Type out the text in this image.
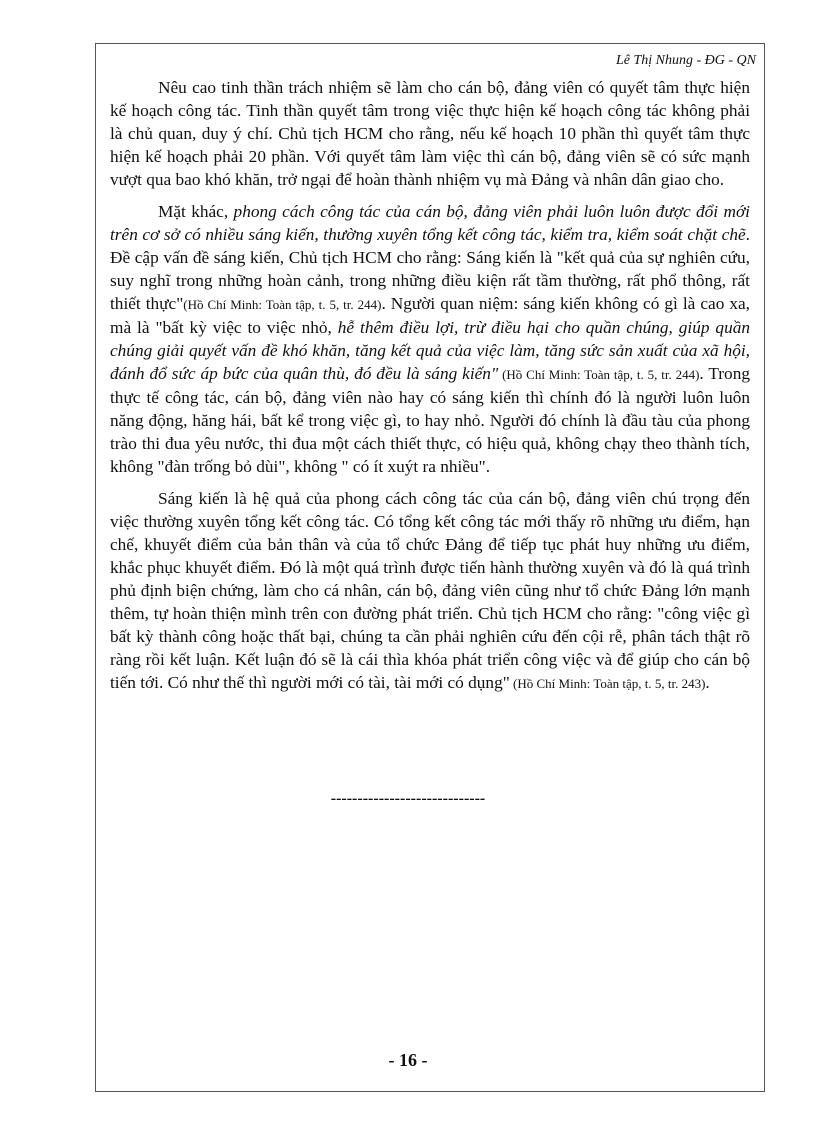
Lê Thị Nhung - ĐG - QN

Nêu cao tinh thần trách nhiệm sẽ làm cho cán bộ, đảng viên có quyết tâm thực hiện kế hoạch công tác. Tinh thần quyết tâm trong việc thực hiện kế hoạch công tác không phải là chủ quan, duy ý chí. Chủ tịch HCM cho rằng, nếu kế hoạch 10 phần thì quyết tâm thực hiện kế hoạch phải 20 phần. Với quyết tâm làm việc thì cán bộ, đảng viên sẽ có sức mạnh vượt qua bao khó khăn, trở ngại để hoàn thành nhiệm vụ mà Đảng và nhân dân giao cho.

Mặt khác, phong cách công tác của cán bộ, đảng viên phải luôn luôn được đổi mới trên cơ sở có nhiều sáng kiến, thường xuyên tổng kết công tác, kiểm tra, kiểm soát chặt chẽ. Đề cập vấn đề sáng kiến, Chủ tịch HCM cho rằng: Sáng kiến là "kết quả của sự nghiên cứu, suy nghĩ trong những hoàn cảnh, trong những điều kiện rất tầm thường, rất phổ thông, rất thiết thực"(Hồ Chí Minh: Toàn tập, t. 5, tr. 244). Người quan niệm: sáng kiến không có gì là cao xa, mà là "bất kỳ việc to việc nhỏ, hễ thêm điều lợi, trừ điều hại cho quần chúng, giúp quần chúng giải quyết vấn đề khó khăn, tăng kết quả của việc làm, tăng sức sản xuất của xã hội, đánh đổ sức áp bức của quân thù, đó đều là sáng kiến" (Hồ Chí Minh: Toàn tập, t. 5, tr. 244). Trong thực tế công tác, cán bộ, đảng viên nào hay có sáng kiến thì chính đó là người luôn luôn năng động, hăng hái, bất kể trong việc gì, to hay nhỏ. Người đó chính là đầu tàu của phong trào thi đua yêu nước, thi đua một cách thiết thực, có hiệu quả, không chạy theo thành tích, không "đàn trống bỏ dùi", không " có ít xuýt ra nhiều".

Sáng kiến là hệ quả của phong cách công tác của cán bộ, đảng viên chú trọng đến việc thường xuyên tổng kết công tác. Có tổng kết công tác mới thấy rõ những ưu điểm, hạn chế, khuyết điểm của bản thân và của tổ chức Đảng để tiếp tục phát huy những ưu điểm, khắc phục khuyết điểm. Đó là một quá trình được tiến hành thường xuyên và đó là quá trình phủ định biện chứng, làm cho cá nhân, cán bộ, đảng viên cũng như tổ chức Đảng lớn mạnh thêm, tự hoàn thiện mình trên con đường phát triển. Chủ tịch HCM cho rằng: "công việc gì bất kỳ thành công hoặc thất bại, chúng ta cần phải nghiên cứu đến cội rễ, phân tách thật rõ ràng rồi kết luận. Kết luận đó sẽ là cái thìa khóa phát triển công việc và để giúp cho cán bộ tiến tới. Có như thế thì người mới có tài, tài mới có dụng" (Hồ Chí Minh: Toàn tập, t. 5, tr. 243).

-----------------------------
- 16 -
